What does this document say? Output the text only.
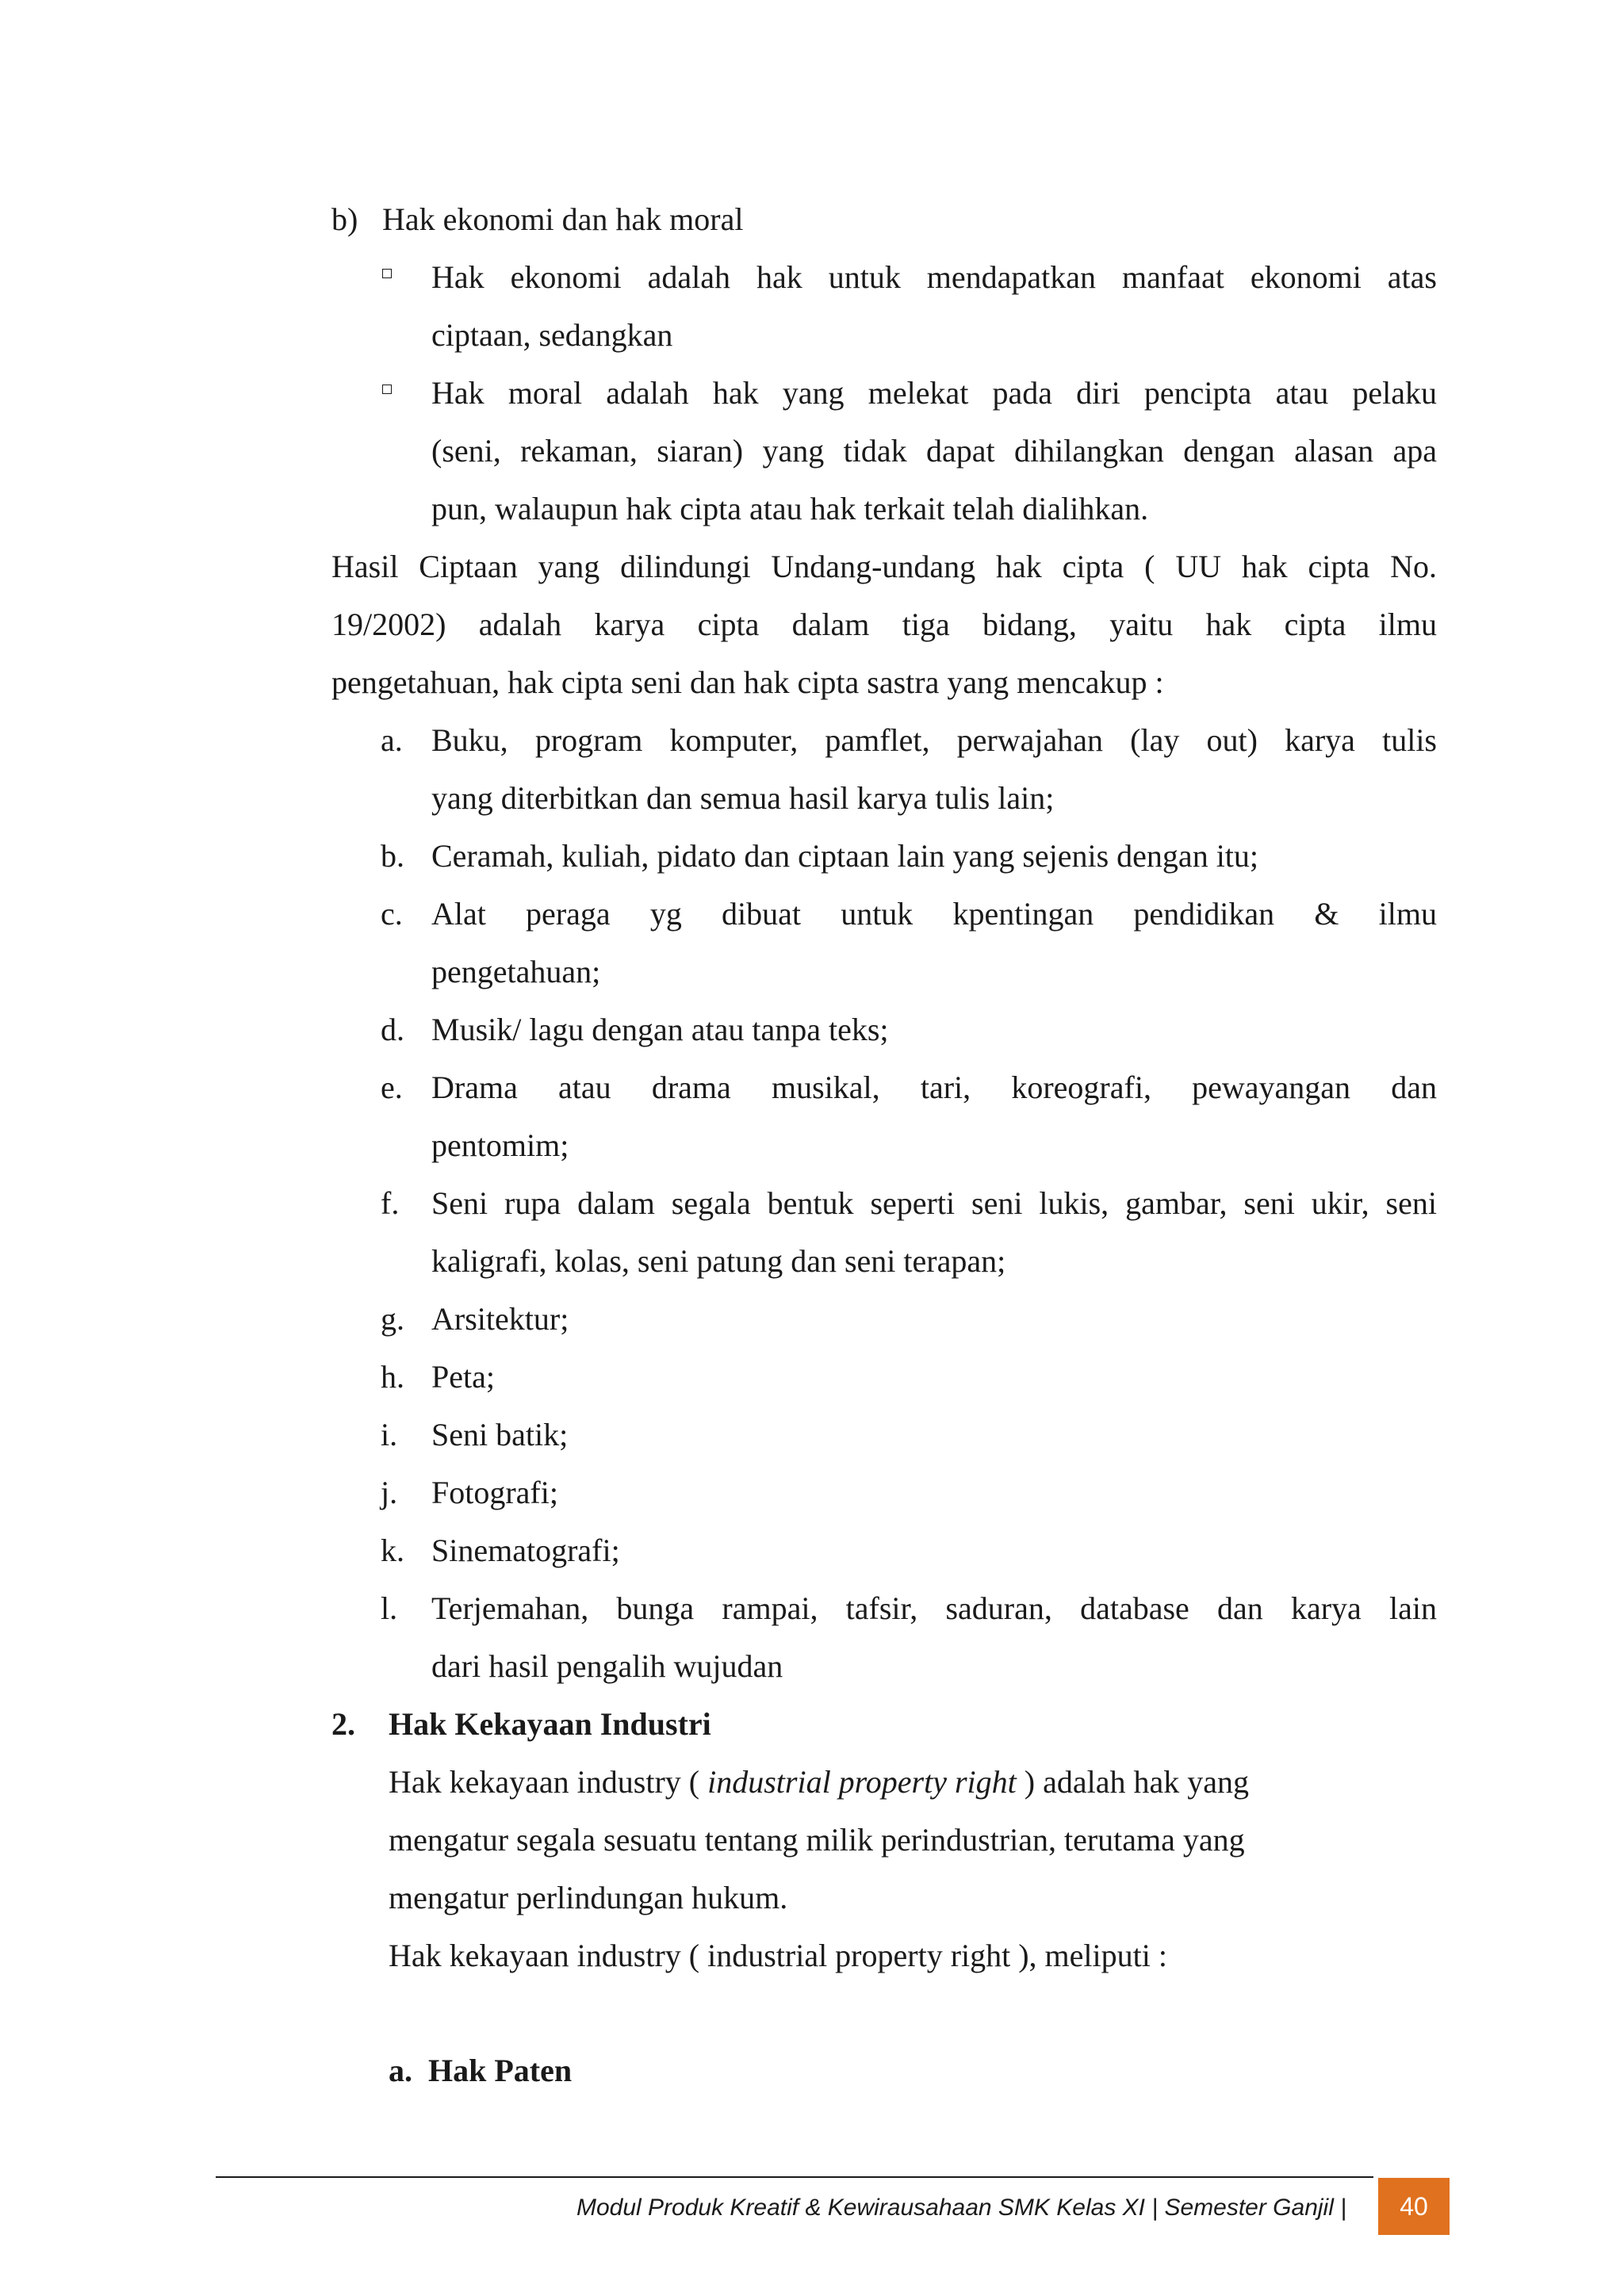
b) Hak ekonomi dan hak moral
Hak ekonomi adalah hak untuk mendapatkan manfaat ekonomi atas
ciptaan, sedangkan
Hak moral adalah hak yang melekat pada diri pencipta atau pelaku
(seni, rekaman, siaran) yang tidak dapat dihilangkan dengan alasan apa
pun, walaupun hak cipta atau hak terkait telah dialihkan.
Hasil Ciptaan yang dilindungi Undang-undang hak cipta ( UU hak cipta No.
19/2002) adalah karya cipta dalam tiga bidang, yaitu hak cipta ilmu
pengetahuan, hak cipta seni dan hak cipta sastra yang mencakup :
a. Buku, program komputer, pamflet, perwajahan (lay out) karya tulis
yang diterbitkan dan semua hasil karya tulis lain;
b. Ceramah, kuliah, pidato dan ciptaan lain yang sejenis dengan itu;
c. Alat peraga yg dibuat untuk kpentingan pendidikan & ilmu
pengetahuan;
d. Musik/ lagu dengan atau tanpa teks;
e. Drama atau drama musikal, tari, koreografi, pewayangan dan
pentomim;
f. Seni rupa dalam segala bentuk seperti seni lukis, gambar, seni ukir, seni
kaligrafi, kolas, seni patung dan seni terapan;
g. Arsitektur;
h. Peta;
i. Seni batik;
j. Fotografi;
k. Sinematografi;
l. Terjemahan, bunga rampai, tafsir, saduran, database dan karya lain
dari hasil pengalih wujudan
2. Hak Kekayaan Industri
Hak kekayaan industry ( industrial property right ) adalah hak yang
mengatur segala sesuatu tentang milik perindustrian, terutama yang
mengatur perlindungan hukum.
Hak kekayaan industry ( industrial property right ), meliputi :
a.  Hak Paten
Modul Produk Kreatif & Kewirausahaan SMK Kelas XI | Semester Ganjil |	40
